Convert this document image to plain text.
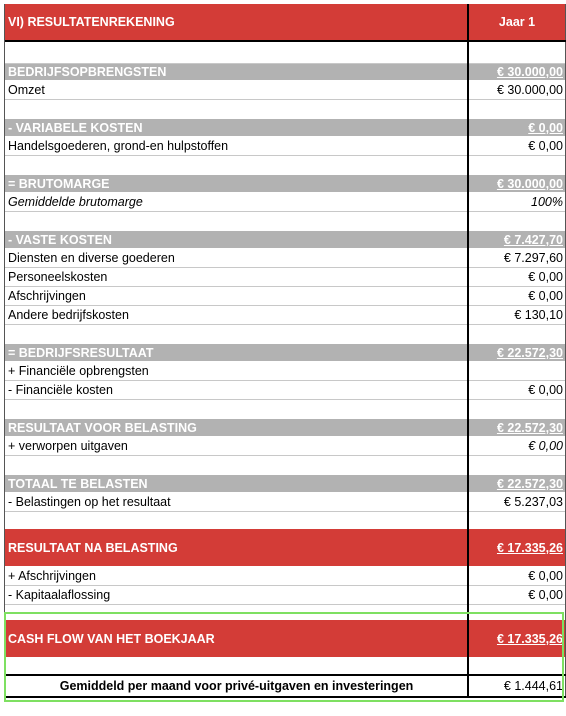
VI) RESULTATENREKENING	Jaar 1
BEDRIJFSOPBRENGSTEN	€ 30.000,00
Omzet	€ 30.000,00
- VARIABELE KOSTEN	€ 0,00
Handelsgoederen, grond-en hulpstoffen	€ 0,00
= BRUTOMARGE	€ 30.000,00
Gemiddelde brutomarge	100%
- VASTE KOSTEN	€ 7.427,70
Diensten en diverse goederen	€ 7.297,60
Personeelskosten	€ 0,00
Afschrijvingen	€ 0,00
Andere bedrijfskosten	€ 130,10
= BEDRIJFSRESULTAAT	€ 22.572,30
+ Financiële opbrengsten
- Financiële kosten	€ 0,00
RESULTAAT VOOR BELASTING	€ 22.572,30
+ verworpen uitgaven	€ 0,00
TOTAAL TE BELASTEN	€ 22.572,30
- Belastingen op het resultaat	€ 5.237,03
RESULTAAT NA BELASTING	€ 17.335,26
+ Afschrijvingen	€ 0,00
- Kapitaalaflossing	€ 0,00
CASH FLOW VAN HET BOEKJAAR	€ 17.335,26
Gemiddeld per maand voor privé-uitgaven en investeringen	€ 1.444,61
